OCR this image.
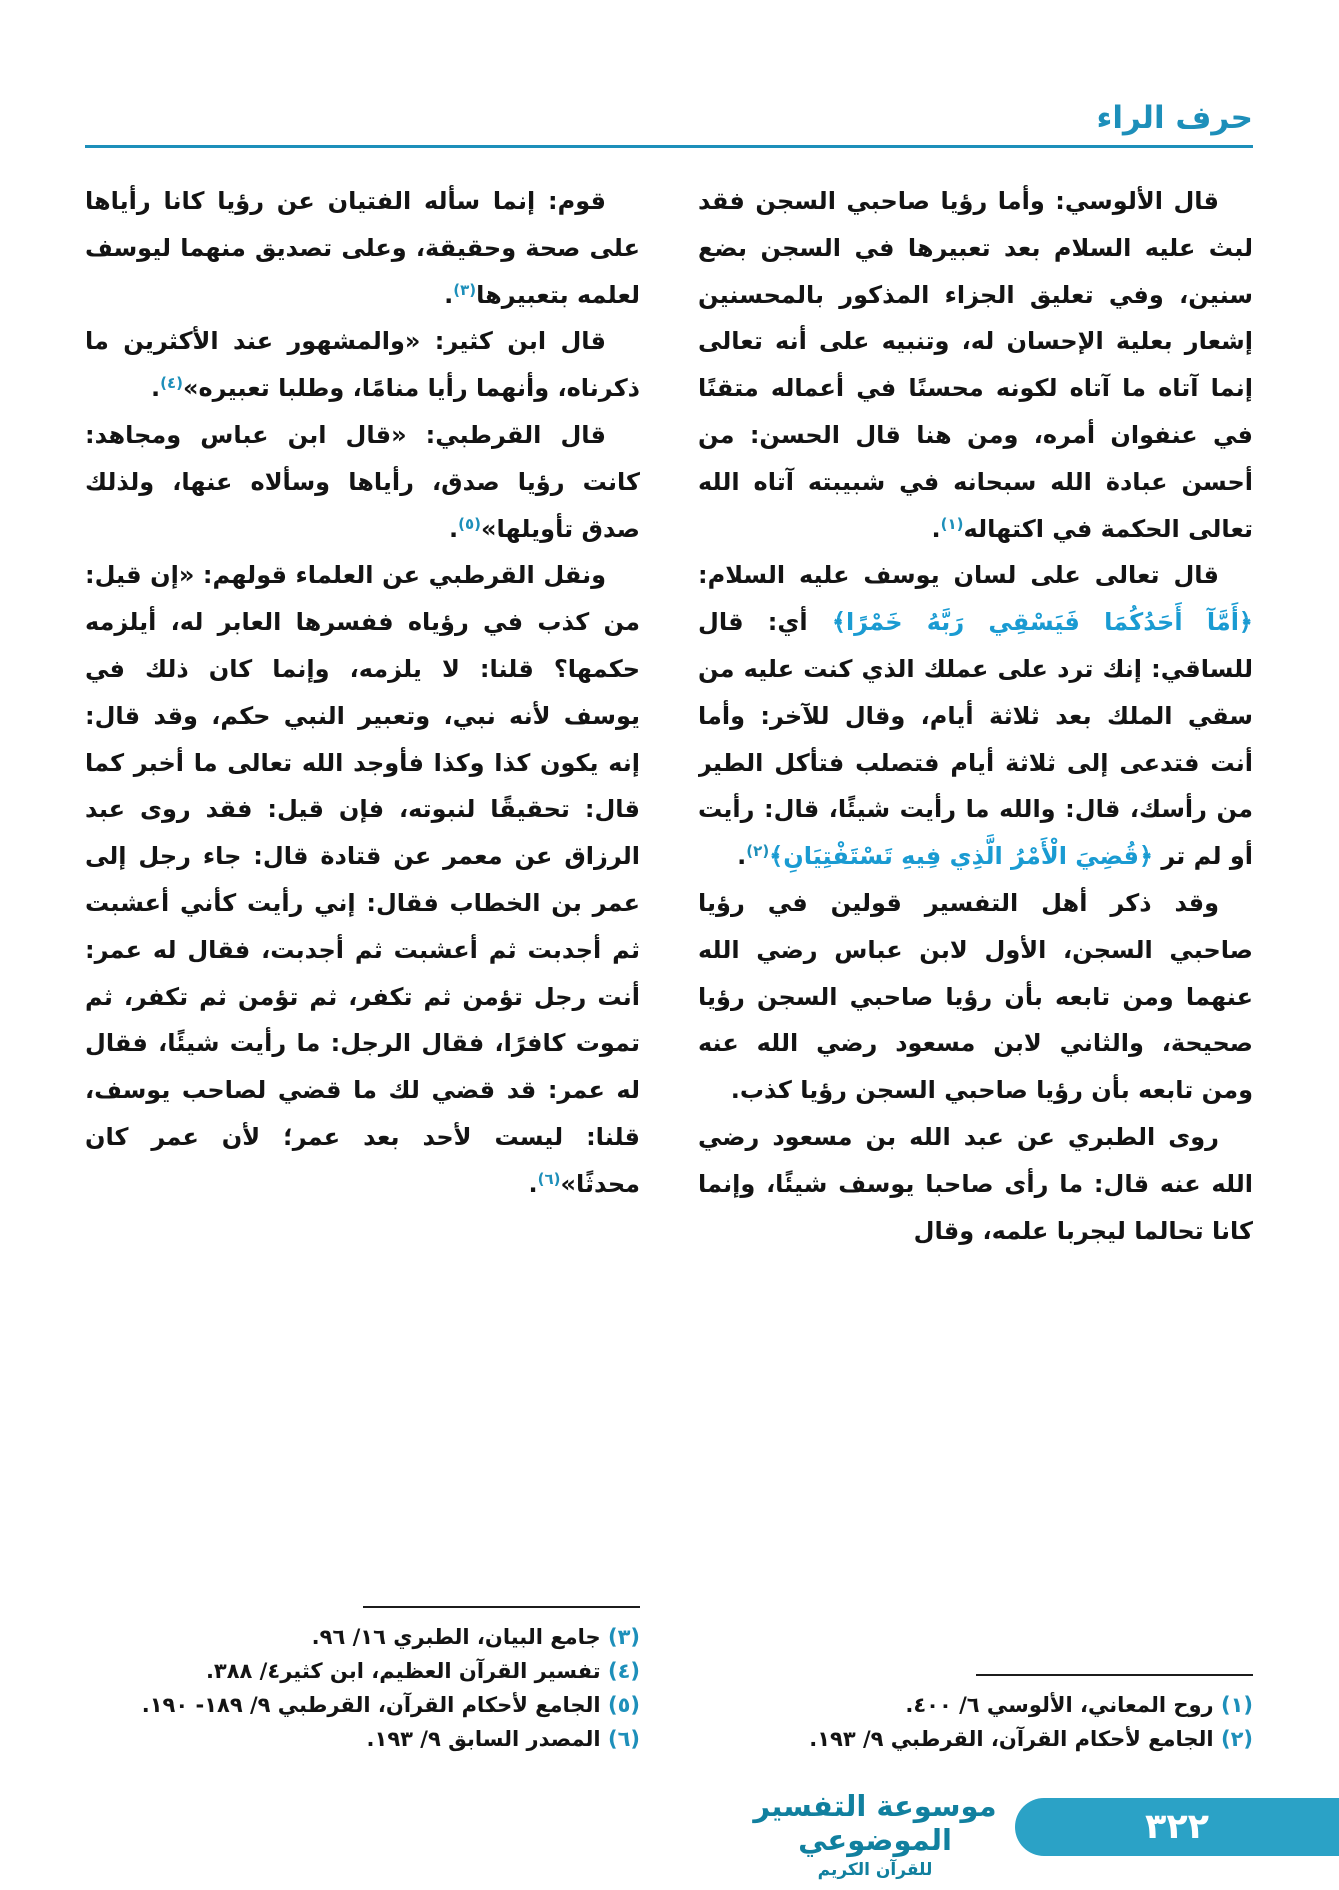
حرف الراء

قال الألوسي: وأما رؤيا صاحبي السجن فقد لبث عليه السلام بعد تعبيرها في السجن بضع سنين، وفي تعليق الجزاء المذكور بالمحسنين إشعار بعلية الإحسان له، وتنبيه على أنه تعالى إنما آتاه ما آتاه لكونه محسنًا في أعماله متقنًا في عنفوان أمره، ومن هنا قال الحسن: من أحسن عبادة الله سبحانه في شبيبته آتاه الله تعالى الحكمة في اكتهاله$^{(١)}$.

قال تعالى على لسان يوسف عليه السلام: ﴿أَمَّآ أَحَدُكُمَا فَيَسْقِي رَبَّهُ خَمْرًا﴾ أي: قال للساقي: إنك ترد على عملك الذي كنت عليه من سقي الملك بعد ثلاثة أيام، وقال للآخر: وأما أنت فتدعى إلى ثلاثة أيام فتصلب فتأكل الطير من رأسك، قال: والله ما رأيت شيئًا، قال: رأيت أو لم تر ﴿قُضِيَ الْأَمْرُ الَّذِي فِيهِ تَسْتَفْتِيَانِ﴾$^{(٢)}$.

وقد ذكر أهل التفسير قولين في رؤيا صاحبي السجن، الأول لابن عباس رضي الله عنهما ومن تابعه بأن رؤيا صاحبي السجن رؤيا صحيحة، والثاني لابن مسعود رضي الله عنه ومن تابعه بأن رؤيا صاحبي السجن رؤيا كذب.

روى الطبري عن عبد الله بن مسعود رضي الله عنه قال: ما رأى صاحبا يوسف شيئًا، وإنما كانا تحالما ليجربا علمه، وقال

(١) روح المعاني، الألوسي ٦/ ٤٠٠.
(٢) الجامع لأحكام القرآن، القرطبي ٩/ ١٩٣.

قوم: إنما سأله الفتيان عن رؤيا كانا رأياها على صحة وحقيقة، وعلى تصديق منهما ليوسف لعلمه بتعبيرها$^{(٣)}$.

قال ابن كثير: «والمشهور عند الأكثرين ما ذكرناه، وأنهما رأيا منامًا، وطلبا تعبيره»$^{(٤)}$.

قال القرطبي: «قال ابن عباس ومجاهد: كانت رؤيا صدق، رأياها وسألاه عنها، ولذلك صدق تأويلها»$^{(٥)}$.

ونقل القرطبي عن العلماء قولهم: «إن قيل: من كذب في رؤياه ففسرها العابر له، أيلزمه حكمها؟ قلنا: لا يلزمه، وإنما كان ذلك في يوسف لأنه نبي، وتعبير النبي حكم، وقد قال: إنه يكون كذا وكذا فأوجد الله تعالى ما أخبر كما قال: تحقيقًا لنبوته، فإن قيل: فقد روى عبد الرزاق عن معمر عن قتادة قال: جاء رجل إلى عمر بن الخطاب فقال: إني رأيت كأني أعشبت ثم أجدبت ثم أعشبت ثم أجدبت، فقال له عمر: أنت رجل تؤمن ثم تكفر، ثم تؤمن ثم تكفر، ثم تموت كافرًا، فقال الرجل: ما رأيت شيئًا، فقال له عمر: قد قضي لك ما قضي لصاحب يوسف، قلنا: ليست لأحد بعد عمر؛ لأن عمر كان محدثًا»$^{(٦)}$.

(٣) جامع البيان، الطبري ١٦/ ٩٦.
(٤) تفسير القرآن العظيم، ابن كثير٤/ ٣٨٨.
(٥) الجامع لأحكام القرآن، القرطبي ٩/ ١٨٩- ١٩٠.
(٦) المصدر السابق ٩/ ١٩٣.
موسوعة التفسير الموضوعي
للقرآن الكريم
٣٢٢
